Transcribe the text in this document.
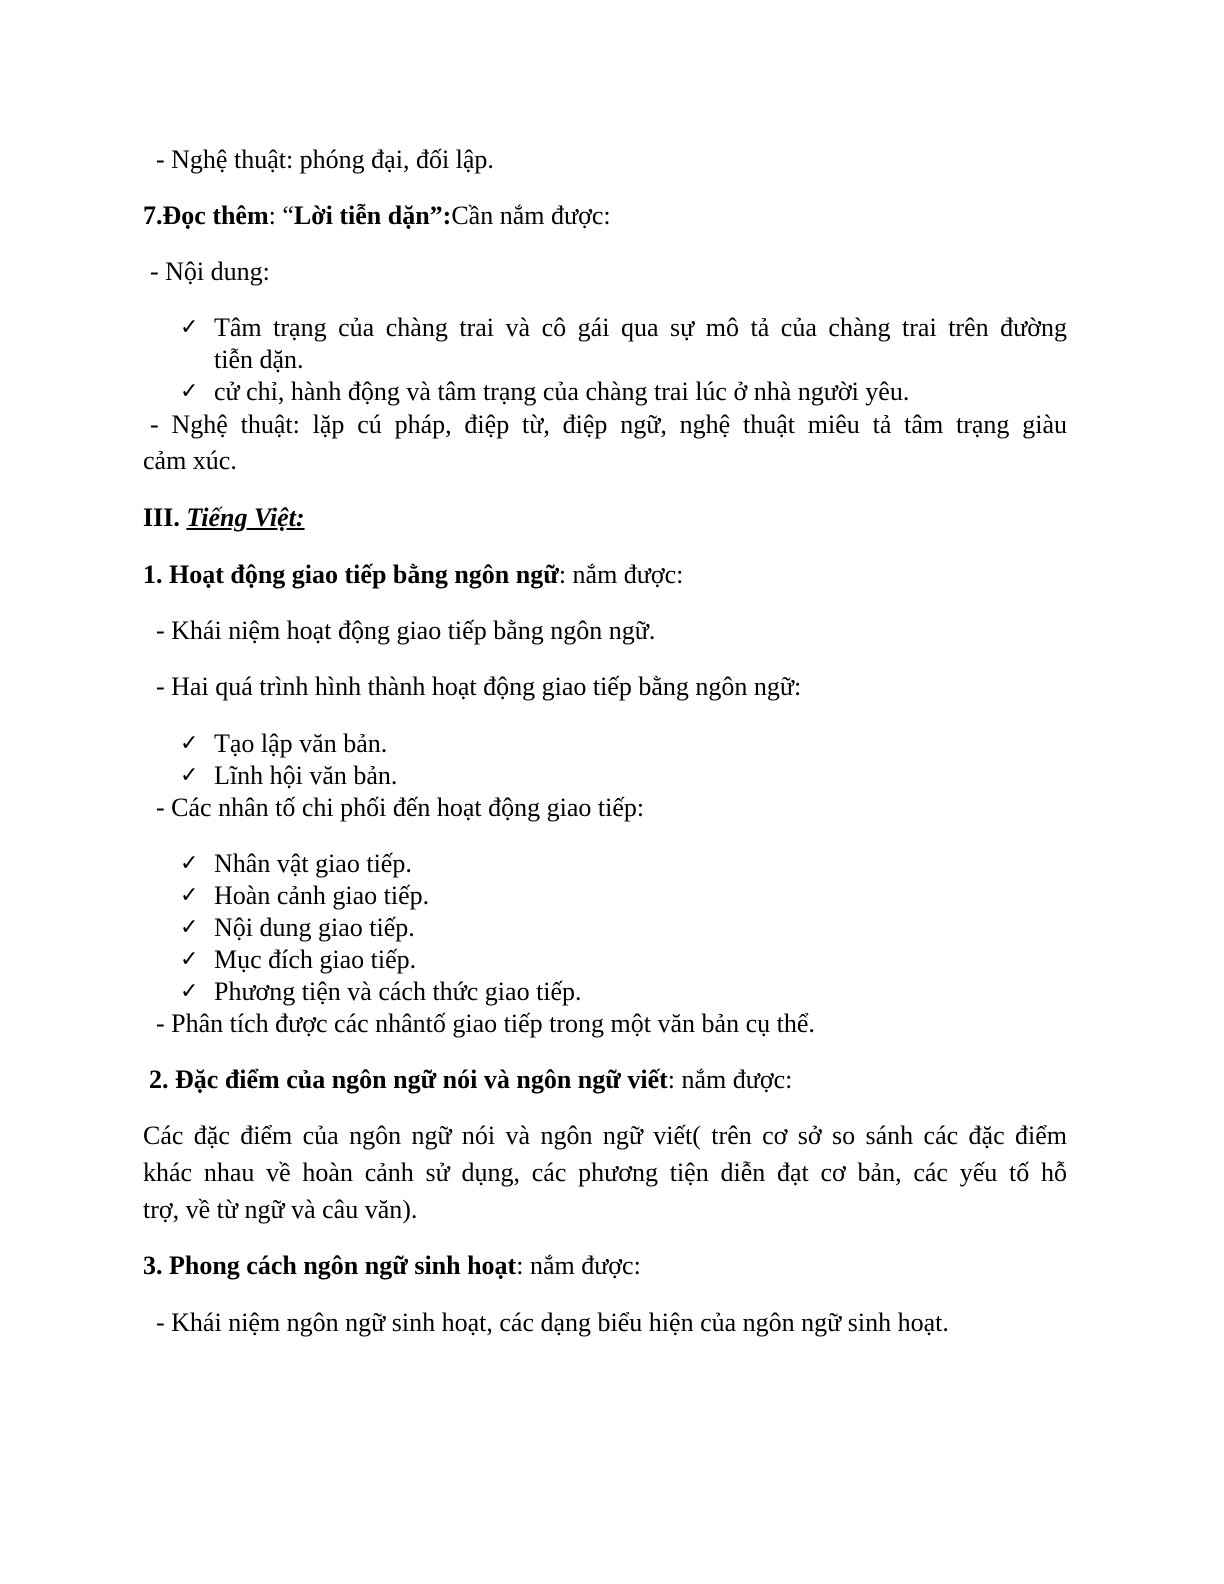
- Nghệ thuật: phóng đại, đối lập.
7.Đọc thêm: “Lời tiễn dặn”:Cần nắm được:
- Nội dung:
✓ Tâm trạng của chàng trai và cô gái qua sự mô tả của chàng trai trên đường
tiễn dặn.
✓ cử chỉ, hành động và tâm trạng của chàng trai lúc ở nhà người yêu.
- Nghệ thuật: lặp cú pháp, điệp từ, điệp ngữ, nghệ thuật miêu tả tâm trạng giàu
cảm xúc.
III. Tiếng Việt:
1. Hoạt động giao tiếp bằng ngôn ngữ: nắm được:
- Khái niệm hoạt động giao tiếp bằng ngôn ngữ.
- Hai quá trình hình thành hoạt động giao tiếp bằng ngôn ngữ:
✓ Tạo lập văn bản.
✓ Lĩnh hội văn bản.
- Các nhân tố chi phối đến hoạt động giao tiếp:
✓ Nhân vật giao tiếp.
✓ Hoàn cảnh giao tiếp.
✓ Nội dung giao tiếp.
✓ Mục đích giao tiếp.
✓ Phương tiện và cách thức giao tiếp.
- Phân tích được các nhântố giao tiếp trong một văn bản cụ thể.
2. Đặc điểm của ngôn ngữ nói và ngôn ngữ viết: nắm được:
Các đặc điểm của ngôn ngữ nói và ngôn ngữ viết( trên cơ sở so sánh các đặc điểm
khác nhau về hoàn cảnh sử dụng, các phương tiện diễn đạt cơ bản, các yếu tố hỗ
trợ, về từ ngữ và câu văn).
3. Phong cách ngôn ngữ sinh hoạt: nắm được:
- Khái niệm ngôn ngữ sinh hoạt, các dạng biểu hiện của ngôn ngữ sinh hoạt.
